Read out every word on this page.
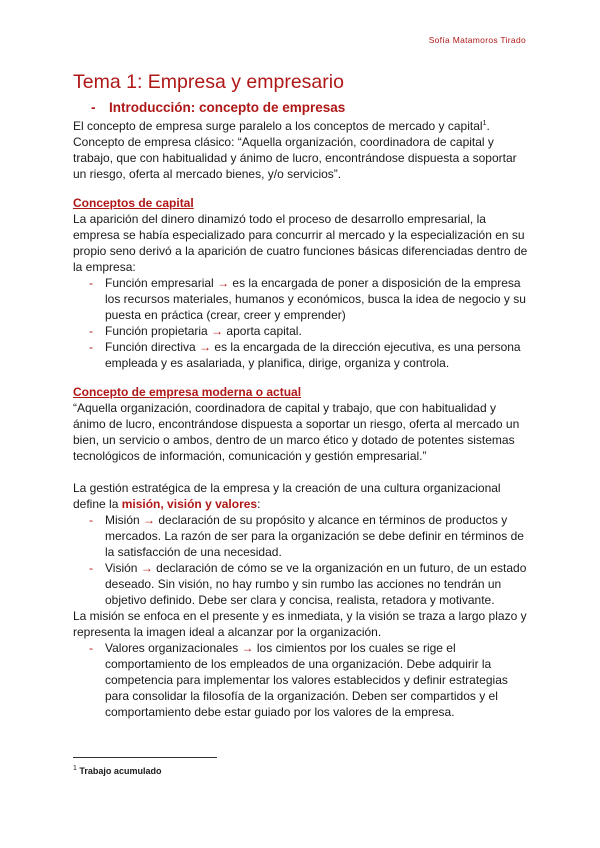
Sofía Matamoros Tirado
Tema 1: Empresa y empresario
- Introducción: concepto de empresas

El concepto de empresa surge paralelo a los conceptos de mercado y capital$^1$.

Concepto de empresa clásico: “Aquella organización, coordinadora de capital y trabajo, que con habitualidad y ánimo de lucro, encontrándose dispuesta a soportar un riesgo, oferta al mercado bienes, y/o servicios”.

Conceptos de capital

La aparición del dinero dinamizó todo el proceso de desarrollo empresarial, la empresa se había especializado para concurrir al mercado y la especialización en su propio seno derivó a la aparición de cuatro funciones básicas diferenciadas dentro de la empresa:

- Función empresarial → es la encargada de poner a disposición de la empresa los recursos materiales, humanos y económicos, busca la idea de negocio y su puesta en práctica (crear, creer y emprender)
- Función propietaria → aporta capital.
- Función directiva → es la encargada de la dirección ejecutiva, es una persona empleada y es asalariada, y planifica, dirige, organiza y controla.
Concepto de empresa moderna o actual

“Aquella organización, coordinadora de capital y trabajo, que con habitualidad y ánimo de lucro, encontrándose dispuesta a soportar un riesgo, oferta al mercado un bien, un servicio o ambos, dentro de un marco ético y dotado de potentes sistemas tecnológicos de información, comunicación y gestión empresarial.”

La gestión estratégica de la empresa y la creación de una cultura organizacional define la misión, visión y valores:

- Misión → declaración de su propósito y alcance en términos de productos y mercados. La razón de ser para la organización se debe definir en términos de la satisfacción de una necesidad.
- Visión → declaración de cómo se ve la organización en un futuro, de un estado deseado. Sin visión, no hay rumbo y sin rumbo las acciones no tendrán un objetivo definido. Debe ser clara y concisa, realista, retadora y motivante.

La misión se enfoca en el presente y es inmediata, y la visión se traza a largo plazo y representa la imagen ideal a alcanzar por la organización.

- Valores organizacionales → los cimientos por los cuales se rige el comportamiento de los empleados de una organización. Debe adquirir la competencia para implementar los valores establecidos y definir estrategias para consolidar la filosofía de la organización. Deben ser compartidos y el comportamiento debe estar guiado por los valores de la empresa.
$^1$ Trabajo acumulado
